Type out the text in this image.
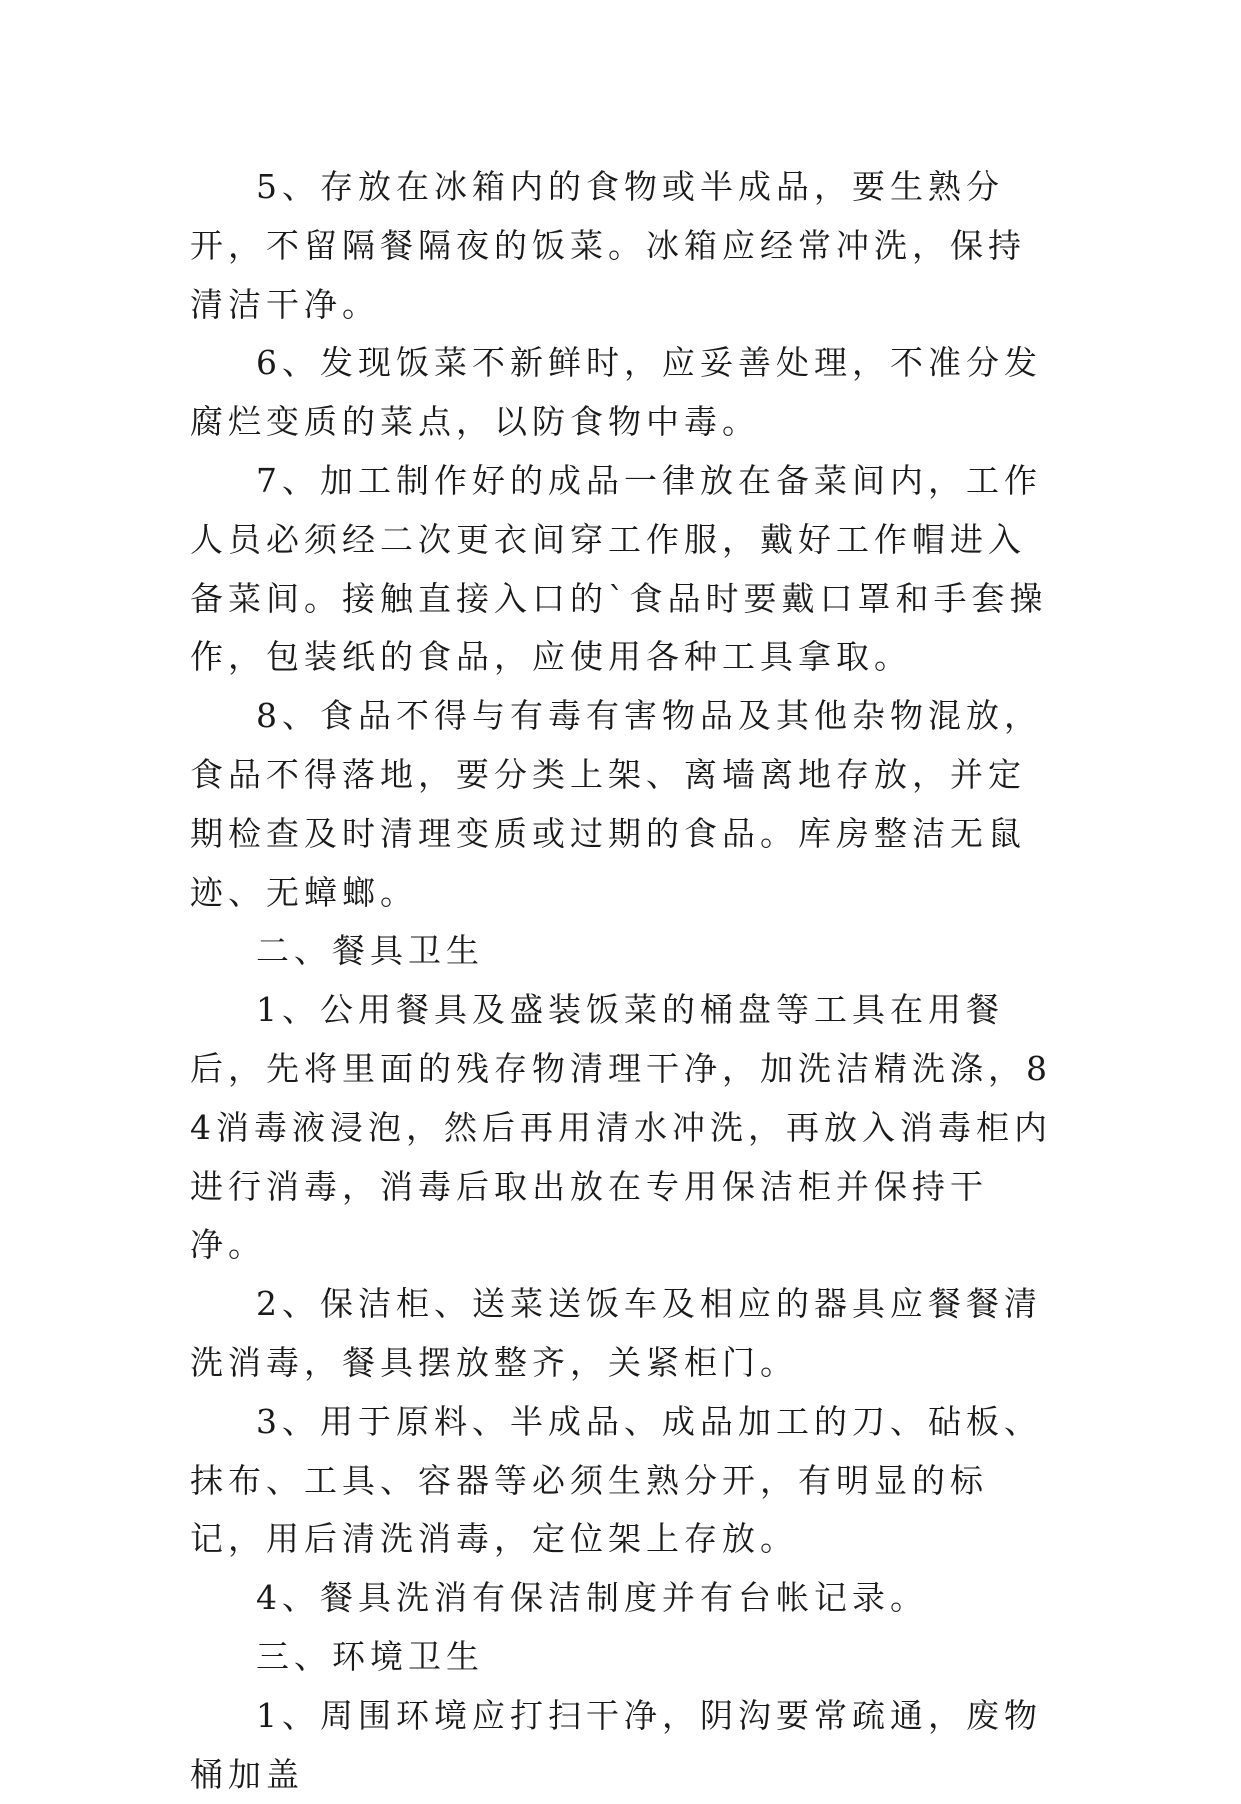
5、存放在冰箱内的食物或半成品，要生熟分开，不留隔餐隔夜的饭菜。冰箱应经常冲洗，保持清洁干净。

6、发现饭菜不新鲜时，应妥善处理，不准分发腐烂变质的菜点，以防食物中毒。

7、加工制作好的成品一律放在备菜间内，工作人员必须经二次更衣间穿工作服，戴好工作帽进入备菜间。接触直接入口的`食品时要戴口罩和手套操作，包装纸的食品，应使用各种工具拿取。

8、食品不得与有毒有害物品及其他杂物混放，食品不得落地，要分类上架、离墙离地存放，并定期检查及时清理变质或过期的食品。库房整洁无鼠迹、无蟑螂。

二、餐具卫生

1、公用餐具及盛装饭菜的桶盘等工具在用餐后，先将里面的残存物清理干净，加洗洁精洗涤，84消毒液浸泡，然后再用清水冲洗，再放入消毒柜内进行消毒，消毒后取出放在专用保洁柜并保持干净。

2、保洁柜、送菜送饭车及相应的器具应餐餐清洗消毒，餐具摆放整齐，关紧柜门。

3、用于原料、半成品、成品加工的刀、砧板、抹布、工具、容器等必须生熟分开，有明显的标记，用后清洗消毒，定位架上存放。

4、餐具洗消有保洁制度并有台帐记录。

三、环境卫生

1、周围环境应打扫干净，阴沟要常疏通，废物桶加盖
